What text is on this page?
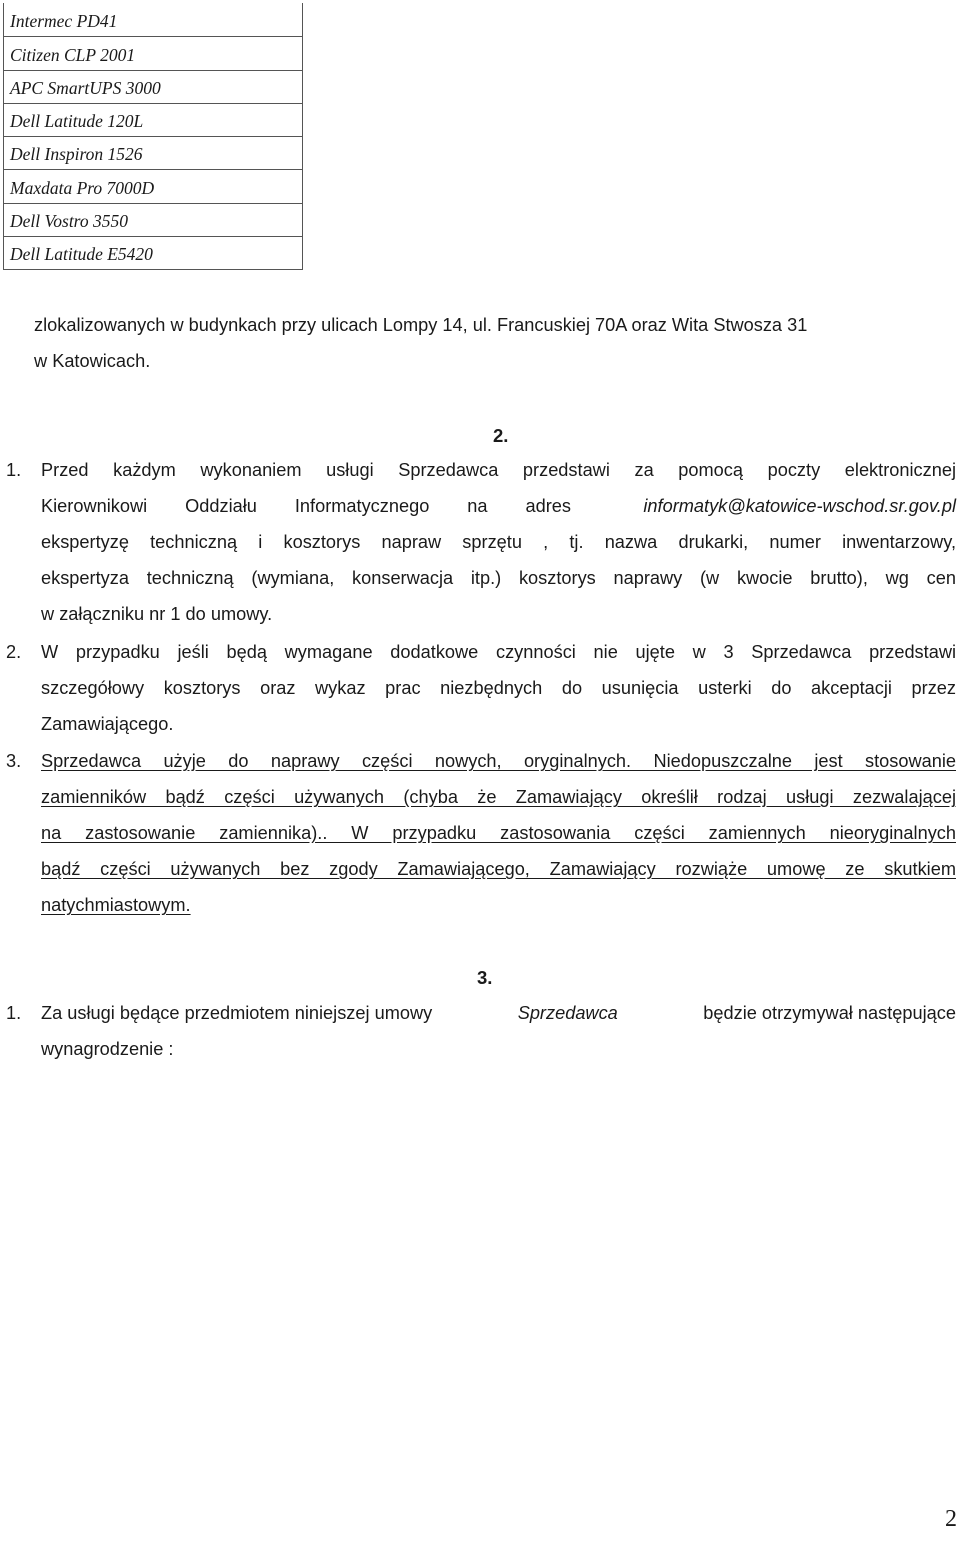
Intermec PD41
Citizen CLP 2001
APC SmartUPS 3000
Dell Latitude 120L
Dell Inspiron 1526
Maxdata Pro 7000D
Dell Vostro 3550
Dell Latitude E5420
zlokalizowanych w budynkach przy ulicach Lompy 14, ul. Francuskiej 70A oraz Wita Stwosza 31
w Katowicach.
2.
1. Przed każdym wykonaniem usługi Sprzedawca przedstawi za pomocą poczty elektronicznej
Kierownikowi Oddziału Informatycznego na adres	informatyk@katowice-wschod.sr.gov.pl
ekspertyzę techniczną i kosztorys napraw sprzętu , tj. nazwa drukarki, numer inwentarzowy,
ekspertyza techniczną (wymiana, konserwacja itp.) kosztorys naprawy (w kwocie brutto), wg cen
w załączniku nr 1 do umowy.
2. W przypadku jeśli będą wymagane dodatkowe czynności nie ujęte w 3 Sprzedawca przedstawi
szczegółowy kosztorys oraz wykaz prac niezbędnych do usunięcia usterki do akceptacji przez
Zamawiającego.
3. Sprzedawca użyje do naprawy części nowych, oryginalnych. Niedopuszczalne jest stosowanie
zamienników bądź części używanych (chyba że Zamawiający określił rodzaj usługi zezwalającej
na zastosowanie zamiennika).. W przypadku zastosowania części zamiennych nieoryginalnych
bądź części używanych bez zgody Zamawiającego, Zamawiający rozwiąże umowę ze skutkiem
natychmiastowym.
3.
1. Za usługi będące przedmiotem niniejszej umowy	Sprzedawca	będzie otrzymywał następujące
wynagrodzenie :
2
